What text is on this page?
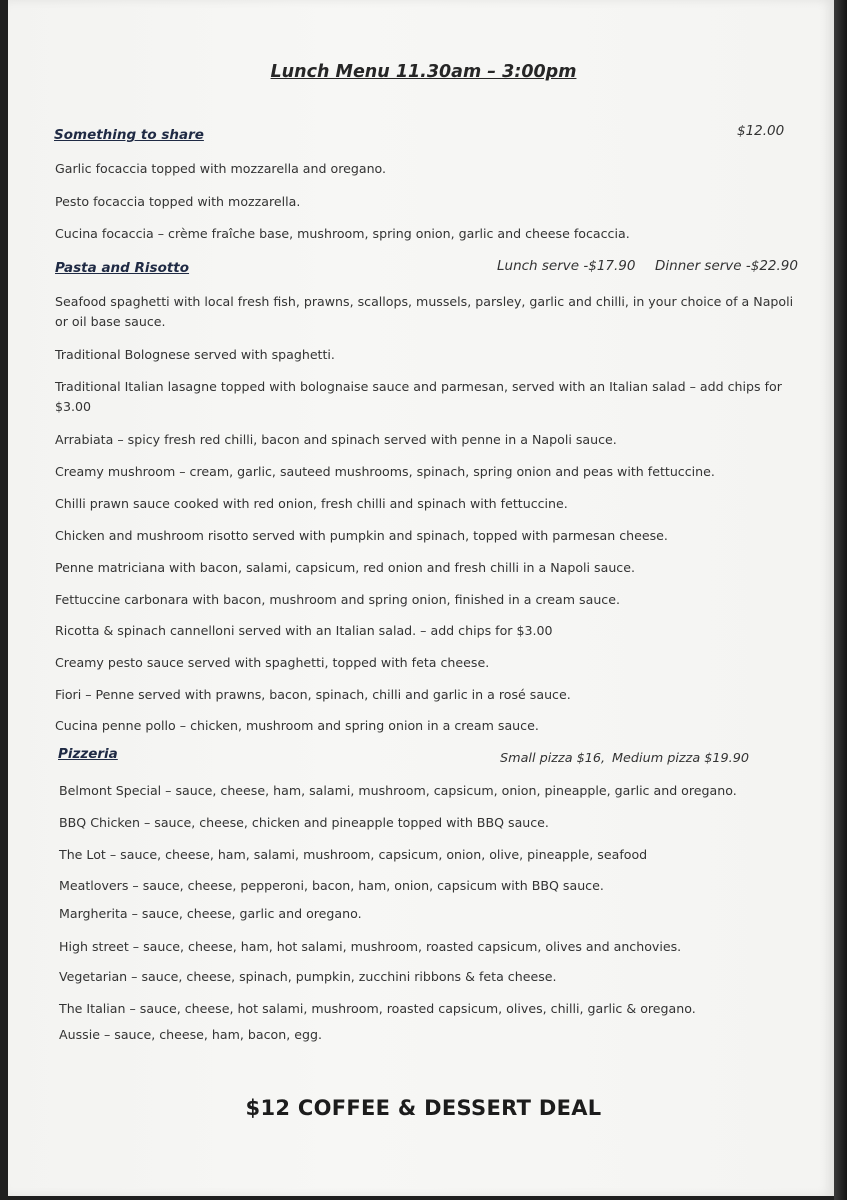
Lunch Menu 11.30am – 3:00pm
Something to share	$12.00
Garlic focaccia topped with mozzarella and oregano.
Pesto focaccia topped with mozzarella.
Cucina focaccia – crème fraîche base, mushroom, spring onion, garlic and cheese focaccia.
Pasta and Risotto	Lunch serve -$17.90 Dinner serve -$22.90
Seafood spaghetti with local fresh fish, prawns, scallops, mussels, parsley, garlic and chilli, in your choice of a Napoli or oil base sauce.
Traditional Bolognese served with spaghetti.
Traditional Italian lasagne topped with bolognaise sauce and parmesan, served with an Italian salad – add chips for $3.00
Arrabiata – spicy fresh red chilli, bacon and spinach served with penne in a Napoli sauce.
Creamy mushroom – cream, garlic, sauteed mushrooms, spinach, spring onion and peas with fettuccine.
Chilli prawn sauce cooked with red onion, fresh chilli and spinach with fettuccine.
Chicken and mushroom risotto served with pumpkin and spinach, topped with parmesan cheese.
Penne matriciana with bacon, salami, capsicum, red onion and fresh chilli in a Napoli sauce.
Fettuccine carbonara with bacon, mushroom and spring onion, finished in a cream sauce.
Ricotta & spinach cannelloni served with an Italian salad. – add chips for $3.00
Creamy pesto sauce served with spaghetti, topped with feta cheese.
Fiori – Penne served with prawns, bacon, spinach, chilli and garlic in a rosé sauce.
Cucina penne pollo – chicken, mushroom and spring onion in a cream sauce.
Pizzeria	Small pizza $16, Medium pizza $19.90
Belmont Special – sauce, cheese, ham, salami, mushroom, capsicum, onion, pineapple, garlic and oregano.
BBQ Chicken – sauce, cheese, chicken and pineapple topped with BBQ sauce.
The Lot – sauce, cheese, ham, salami, mushroom, capsicum, onion, olive, pineapple, seafood
Meatlovers – sauce, cheese, pepperoni, bacon, ham, onion, capsicum with BBQ sauce.
Margherita – sauce, cheese, garlic and oregano.
High street – sauce, cheese, ham, hot salami, mushroom, roasted capsicum, olives and anchovies.
Vegetarian – sauce, cheese, spinach, pumpkin, zucchini ribbons & feta cheese.
The Italian – sauce, cheese, hot salami, mushroom, roasted capsicum, olives, chilli, garlic & oregano.
Aussie – sauce, cheese, ham, bacon, egg.
$12 COFFEE & DESSERT DEAL
